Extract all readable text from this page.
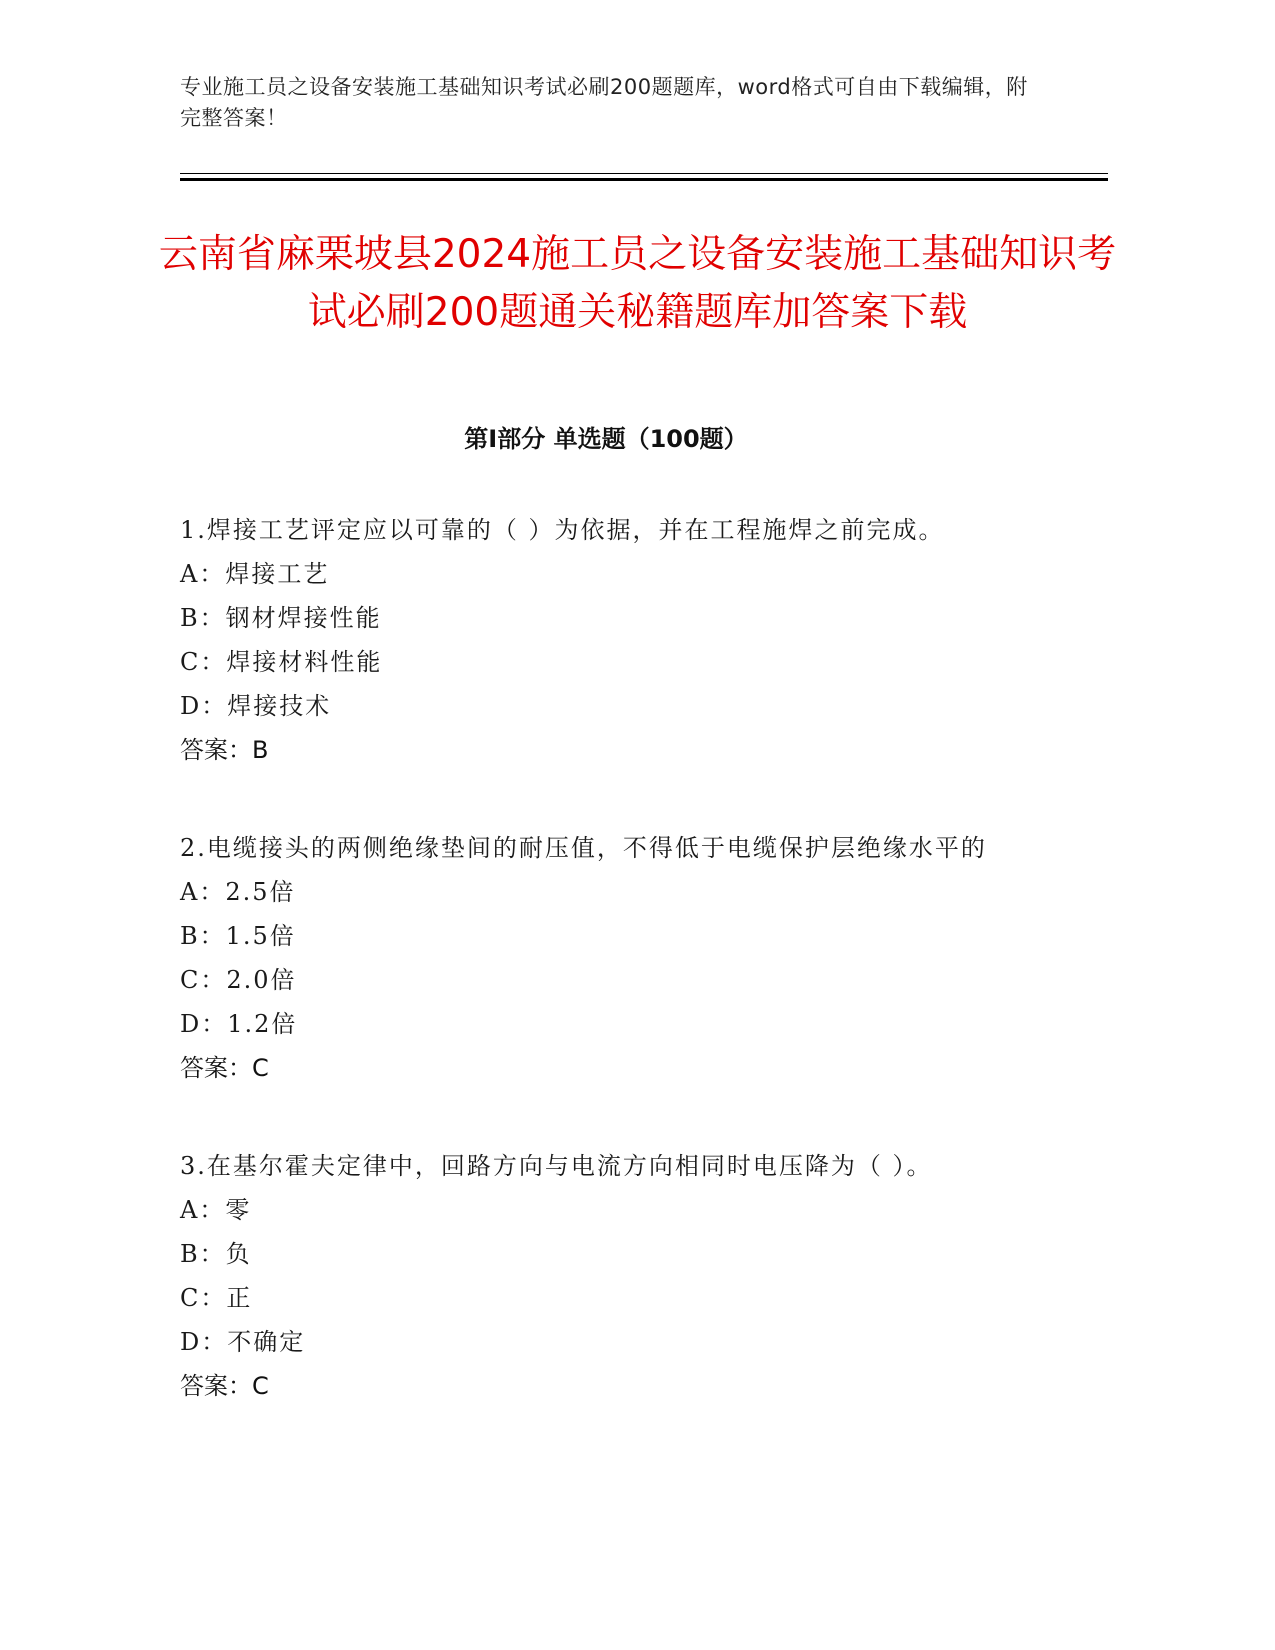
专业施工员之设备安装施工基础知识考试必刷200题题库，word格式可自由下载编辑，附完整答案！
云南省麻栗坡县2024施工员之设备安装施工基础知识考试必刷200题通关秘籍题库加答案下载
第Ⅰ部分 单选题（100题）
1.焊接工艺评定应以可靠的（ ）为依据，并在工程施焊之前完成。
A：焊接工艺
B：钢材焊接性能
C：焊接材料性能
D：焊接技术
答案：B
2.电缆接头的两侧绝缘垫间的耐压值，不得低于电缆保护层绝缘水平的
A：2.5倍
B：1.5倍
C：2.0倍
D：1.2倍
答案：C
3.在基尔霍夫定律中，回路方向与电流方向相同时电压降为（ ）。
A：零
B：负
C：正
D：不确定
答案：C
